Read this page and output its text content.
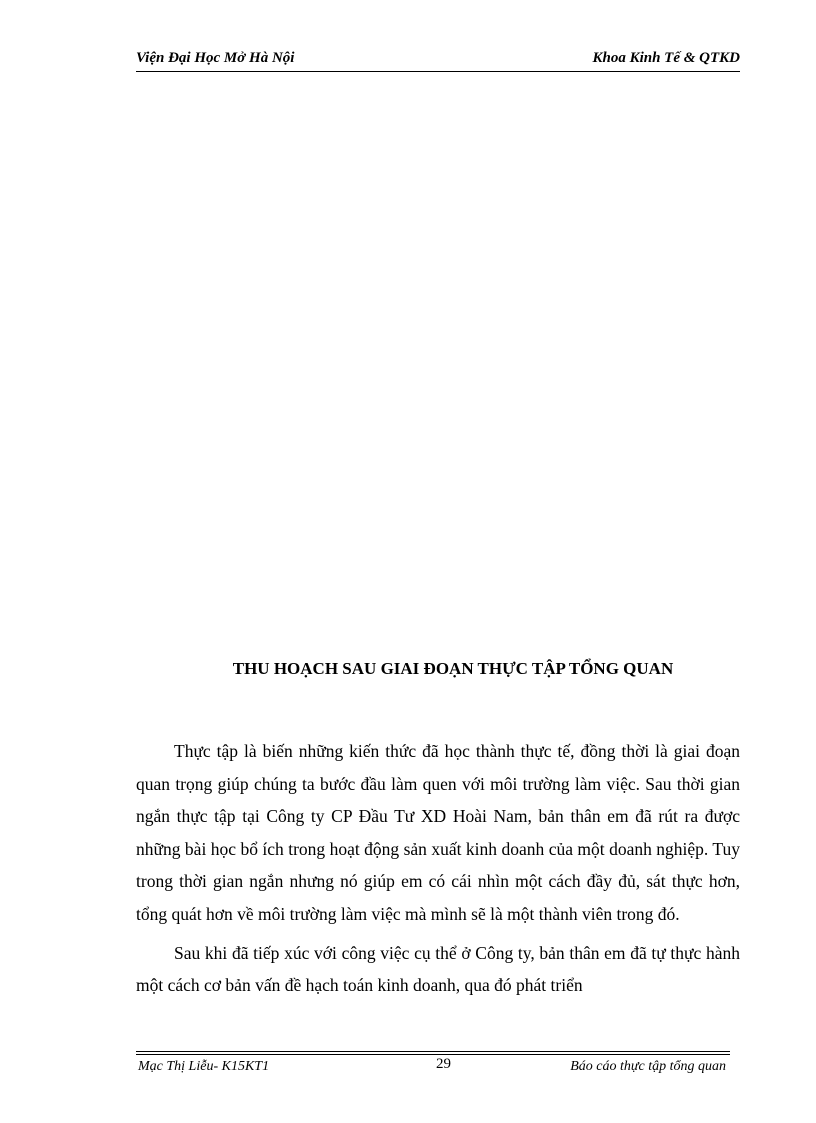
Viện Đại Học Mở Hà Nội	Khoa Kinh Tế & QTKD
THU HOẠCH SAU GIAI ĐOẠN THỰC TẬP TỔNG QUAN

Thực tập là biến những kiến thức đã học thành thực tế, đồng thời là giai đoạn quan trọng giúp chúng ta bước đầu làm quen với môi trường làm việc. Sau thời gian ngắn thực tập tại Công ty CP Đầu Tư XD Hoài Nam, bản thân em đã rút ra được những bài học bổ ích trong hoạt động sản xuất kinh doanh của một doanh nghiệp. Tuy trong thời gian ngắn nhưng nó giúp em có cái nhìn một cách đầy đủ, sát thực hơn, tổng quát hơn về môi trường làm việc mà mình sẽ là một thành viên trong đó.

Sau khi đã tiếp xúc với công việc cụ thể ở Công ty, bản thân em đã tự thực hành một cách cơ bản vấn đề hạch toán kinh doanh, qua đó phát triển

Mạc Thị Liễu- K15KT1	29	Báo cáo thực tập tổng quan
